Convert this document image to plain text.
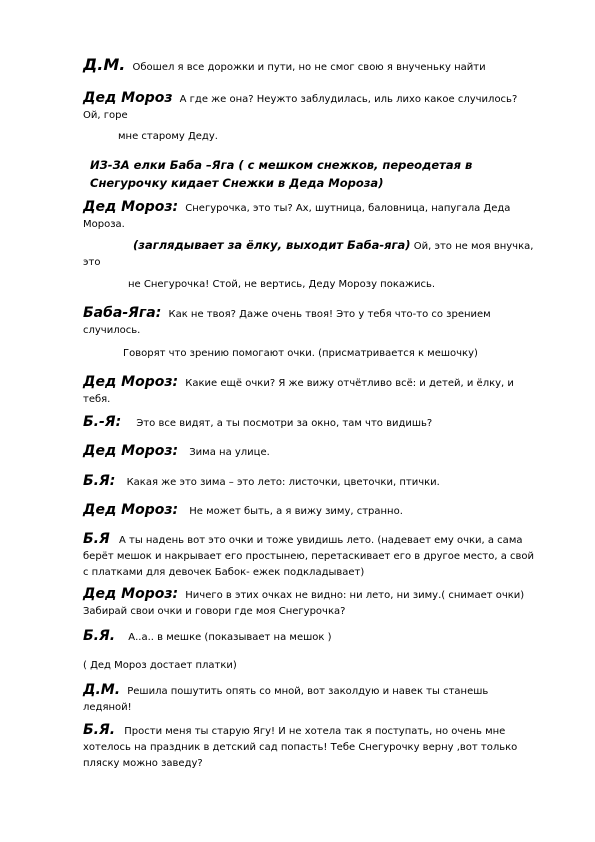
Д.М. Обошел я все дорожки и пути, но не смог свою я внученьку найти
Дед Мороз А где же она? Неужто заблудилась, иль лихо какое случилось? Ой, горе
мне старому Деду.
ИЗ-ЗА елки Баба –Яга ( с мешком снежков, переодетая в Снегурочку кидает Снежки в Деда Мороза)
Дед Мороз: Снегурочка, это ты? Ах, шутница, баловница, напугала Деда Мороза.
(заглядывает за ёлку, выходит Баба-яга) Ой, это не моя внучка, это
не Снегурочка! Стой, не вертись, Деду Морозу покажись.
Баба-Яга: Как не твоя? Даже очень твоя! Это у тебя что-то со зрением случилось.
Говорят что зрению помогают очки. (присматривается к мешочку)
Дед Мороз: Какие ещё очки? Я же вижу отчётливо всё: и детей, и ёлку, и тебя.
Б.-Я: Это все видят, а ты посмотри за окно, там что видишь?
Дед Мороз: Зима на улице.
Б.Я: Какая же это зима – это лето: листочки, цветочки, птички.
Дед Мороз: Не может быть, а я вижу зиму, странно.
Б.Я А ты надень вот это очки и тоже увидишь лето. (надевает ему очки, а сама берёт мешок и накрывает его простынею, перетаскивает его в другое место, а свой с платками для девочек Бабок- ежек подкладывает)
Дед Мороз: Ничего в этих очках не видно: ни лето, ни зиму.( снимает очки) Забирай свои очки и говори где моя Снегурочка?
Б.Я. А..а.. в мешке (показывает на мешок )
( Дед Мороз достает платки)
Д.М. Решила пошутить опять со мной, вот заколдую и навек ты станешь ледяной!
Б.Я. Прости меня ты старую Ягу! И не хотела так я поступать, но очень мне хотелось на праздник в детский сад попасть! Тебе Снегурочку верну ,вот только пляску можно заведу?
